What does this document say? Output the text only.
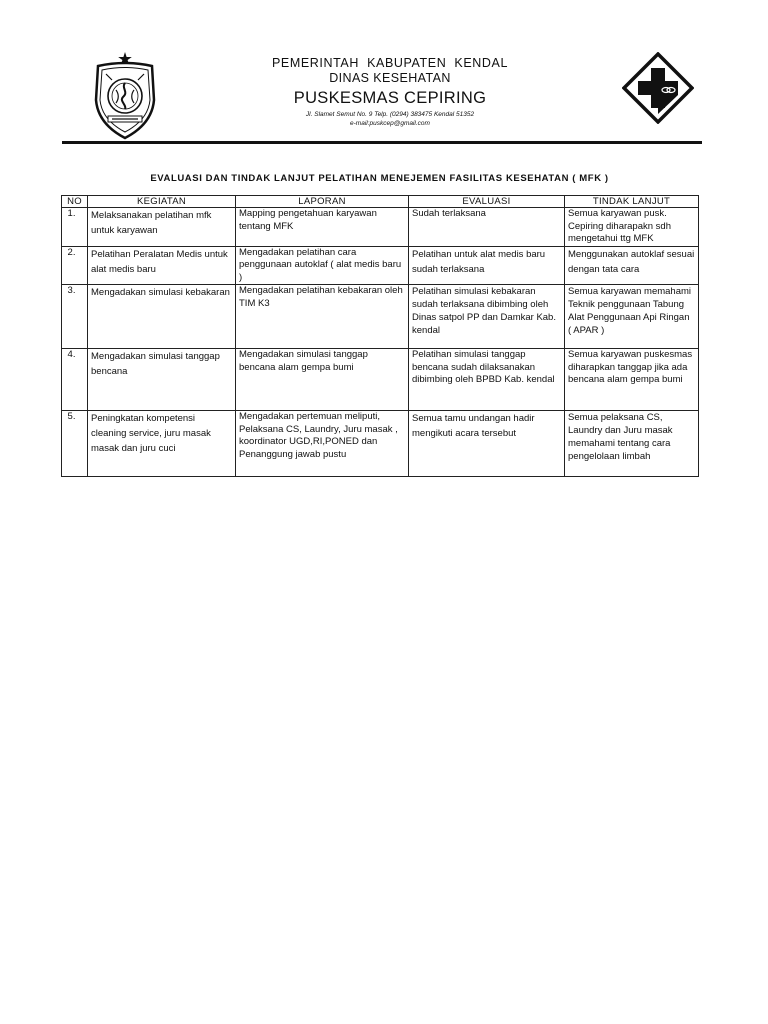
PEMERINTAH KABUPATEN KENDAL
DINAS KESEHATAN
PUSKESMAS CEPIRING
Jl. Slamet Semut No. 9 Telp. (0294) 383475 Kendal 51352
e-mail:puskcep@gmail.com
EVALUASI DAN TINDAK LANJUT PELATIHAN MENEJEMEN FASILITAS KESEHATAN ( MFK )
NO	KEGIATAN	LAPORAN	EVALUASI	TINDAK LANJUT
1.	Melaksanakan pelatihan mfk untuk karyawan	Mapping pengetahuan karyawan tentang MFK	Sudah terlaksana	Semua karyawan pusk. Cepiring diharapakn sdh mengetahui ttg MFK
2.	Pelatihan Peralatan Medis untuk alat medis baru	Mengadakan pelatihan cara penggunaan autoklaf ( alat medis baru )	Pelatihan untuk alat medis baru sudah terlaksana	Menggunakan autoklaf sesuai dengan tata cara
3.	Mengadakan simulasi kebakaran	Mengadakan pelatihan kebakaran oleh TIM K3	Pelatihan simulasi kebakaran sudah terlaksana dibimbing oleh Dinas satpol PP dan Damkar Kab. kendal	Semua karyawan memahami Teknik penggunaan Tabung Alat Penggunaan Api Ringan ( APAR )
4.	Mengadakan simulasi tanggap bencana	Mengadakan simulasi tanggap bencana alam gempa bumi	Pelatihan simulasi tanggap bencana sudah dilaksanakan dibimbing oleh BPBD Kab. kendal	Semua karyawan puskesmas diharapkan tanggap jika ada bencana alam gempa bumi
5.	Peningkatan kompetensi cleaning service, juru masak masak dan juru cuci	Mengadakan pertemuan meliputi, Pelaksana CS, Laundry, Juru masak , koordinator UGD,RI,PONED dan Penanggung jawab pustu	Semua tamu undangan hadir mengikuti acara tersebut	Semua pelaksana CS, Laundry dan Juru masak memahami tentang cara pengelolaan limbah
